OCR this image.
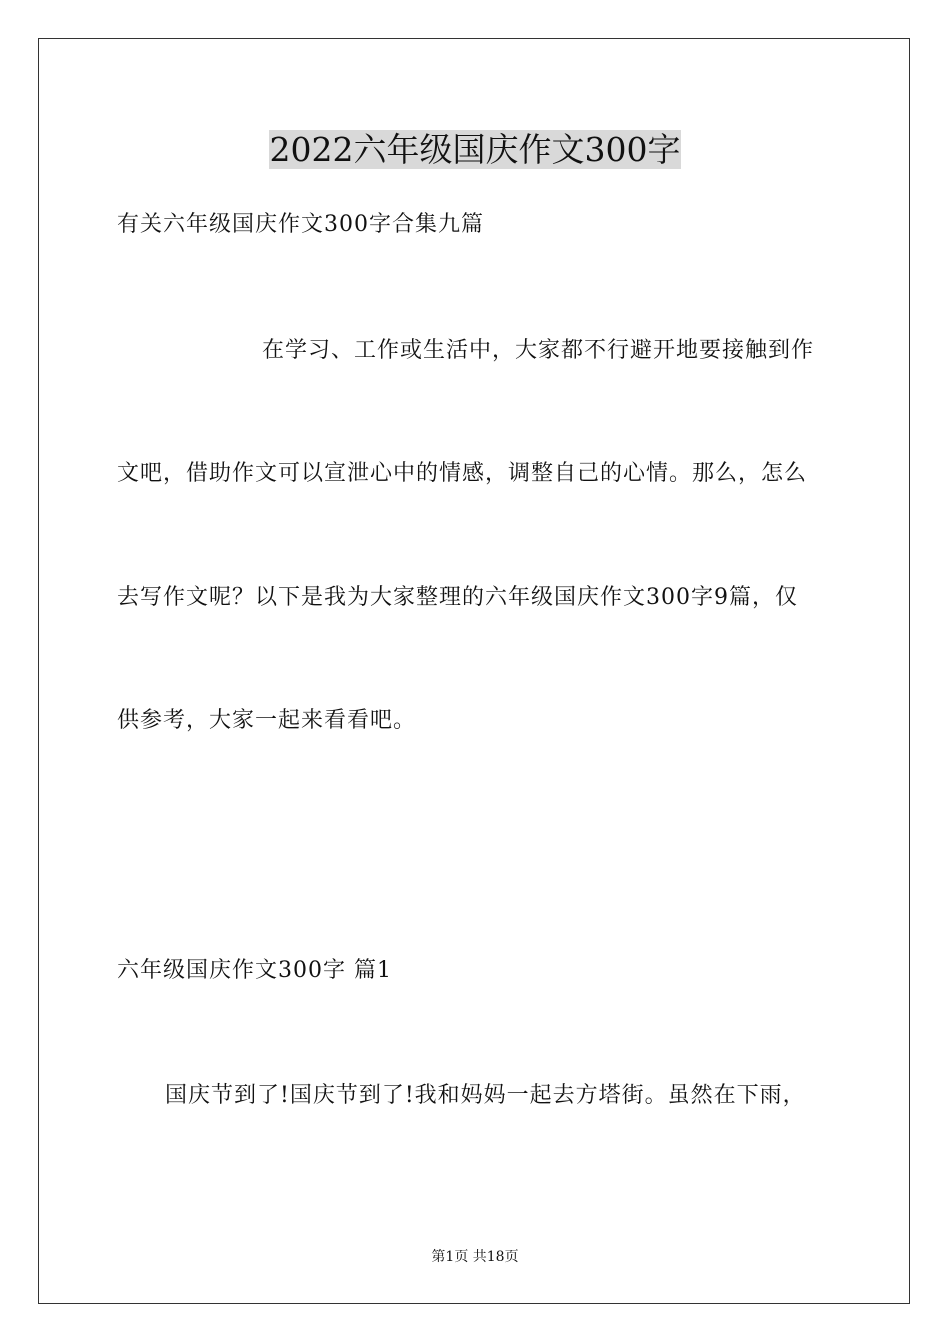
2022六年级国庆作文300字
有关六年级国庆作文300字合集九篇
在学习、工作或生活中，大家都不行避开地要接触到作
文吧，借助作文可以宣泄心中的情感，调整自己的心情。那么，怎么
去写作文呢？以下是我为大家整理的六年级国庆作文300字9篇，仅
供参考，大家一起来看看吧。
六年级国庆作文300字 篇1
国庆节到了!国庆节到了!我和妈妈一起去方塔街。虽然在下雨，
第1页 共18页
